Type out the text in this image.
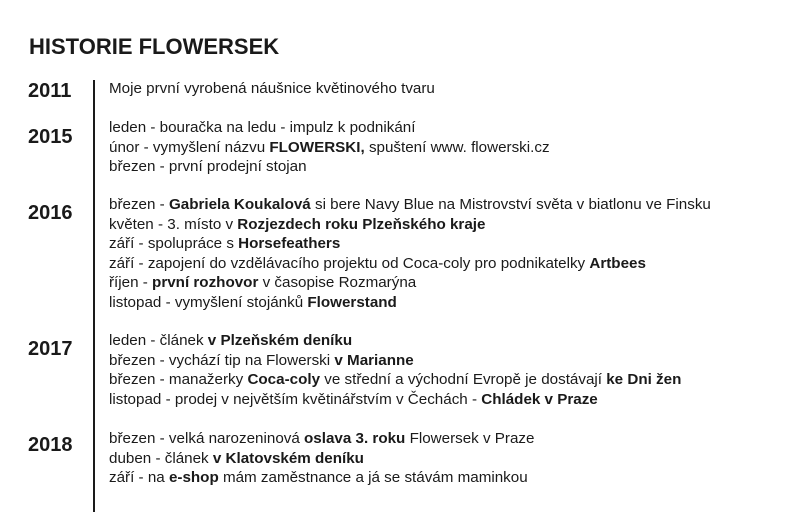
HISTORIE FLOWERSEK
2011	Moje první vyrobená náušnice květinového tvaru
2015	leden - bouračka na ledu - impulz k podnikání
únor - vymyšlení názvu FLOWERSKI, spuštení www. flowerski.cz
březen - první prodejní stojan
2016	březen - Gabriela Koukalová si bere Navy Blue na Mistrovství světa v biatlonu ve Finsku
květen - 3. místo v Rozjezdech roku Plzeňského kraje
září - spolupráce s Horsefeathers
září - zapojení do vzdělávacího projektu od Coca-coly pro podnikatelky Artbees
říjen - první rozhovor v časopise Rozmarýna
listopad - vymyšlení stojánků Flowerstand
2017	leden - článek v Plzeňském deníku
březen - vychází tip na Flowerski v Marianne
březen - manažerky Coca-coly ve střední a východní Evropě je dostávají ke Dni žen
listopad - prodej v největším květinářstvím v Čechách - Chládek v Praze
2018	březen - velká narozeninová oslava 3. roku Flowersek v Praze
duben - článek v Klatovském deníku
září - na e-shop mám zaměstnance a já se stávám maminkou
